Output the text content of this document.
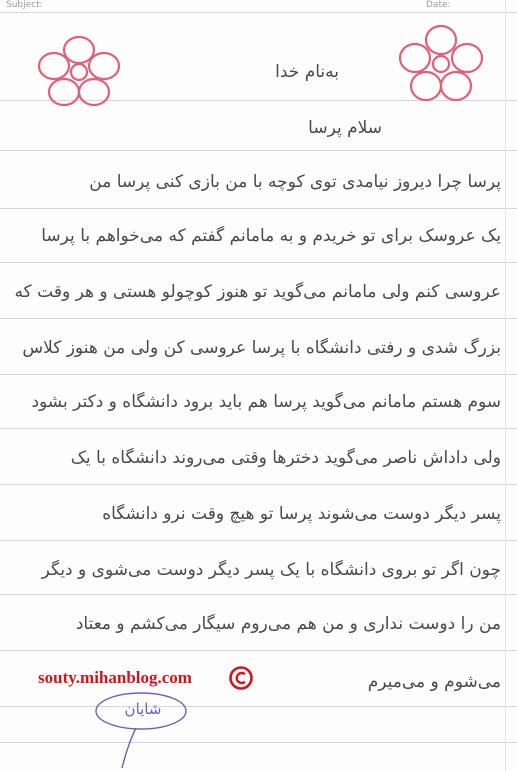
Subject:	Date:
به‌نام خدا
سلام پرسا
پرسا چرا دیروز نیامدی توی کوچه با من بازی کنی پرسا من
یک عروسک برای تو خریدم و به مامانم گفتم که می‌خواهم با پرسا
عروسی کنم ولی مامانم می‌گوید تو هنوز کوچولو هستی و هر وقت که
بزرگ شدی و رفتی دانشگاه با پرسا عروسی کن ولی من هنوز کلاس
سوم هستم مامانم می‌گوید پرسا هم باید برود دانشگاه و دکتر بشود
ولی داداش ناصر می‌گوید دخترها وقتی می‌روند دانشگاه با یک
پسر دیگر دوست می‌شوند پرسا تو هیچ وقت نرو دانشگاه
چون اگر تو بروی دانشگاه با یک پسر دیگر دوست می‌شوی و دیگر
من را دوست نداری و من هم می‌روم سیگار می‌کشم و معتاد
می‌شوم و می‌میرم
souty.mihanblog.com
شایان
